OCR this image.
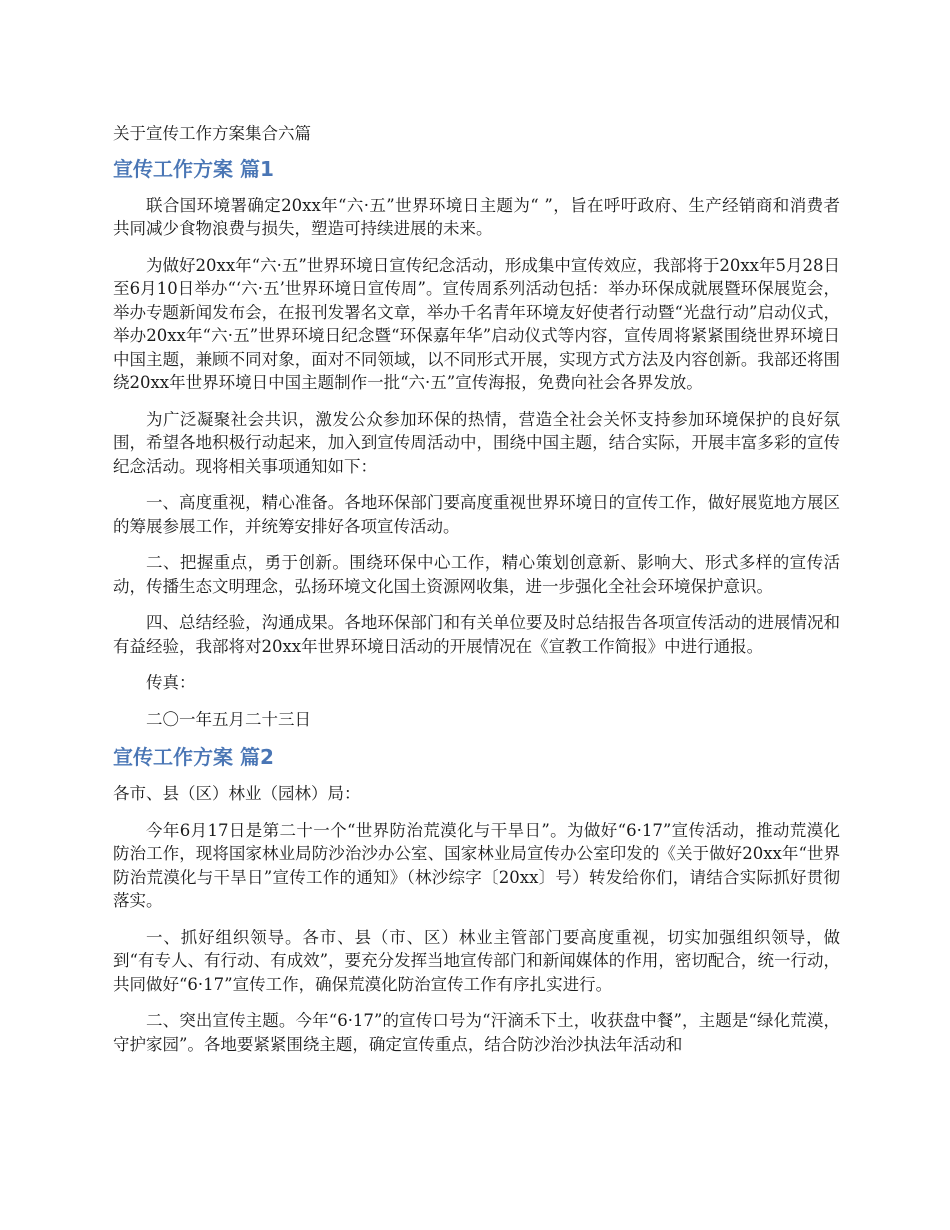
关于宣传工作方案集合六篇

宣传工作方案 篇1

联合国环境署确定20xx年“六·五”世界环境日主题为“ ”，旨在呼吁政府、生产经销商和消费者共同减少食物浪费与损失，塑造可持续进展的未来。

为做好20xx年“六·五”世界环境日宣传纪念活动，形成集中宣传效应，我部将于20xx年5月28日至6月10日举办“‘六·五’世界环境日宣传周”。宣传周系列活动包括：举办环保成就展暨环保展览会，举办专题新闻发布会，在报刊发署名文章，举办千名青年环境友好使者行动暨“光盘行动”启动仪式，举办20xx年“六·五”世界环境日纪念暨“环保嘉年华”启动仪式等内容，宣传周将紧紧围绕世界环境日中国主题，兼顾不同对象，面对不同领域，以不同形式开展，实现方式方法及内容创新。我部还将围绕20xx年世界环境日中国主题制作一批“六·五”宣传海报，免费向社会各界发放。

为广泛凝聚社会共识，激发公众参加环保的热情，营造全社会关怀支持参加环境保护的良好氛围，希望各地积极行动起来，加入到宣传周活动中，围绕中国主题，结合实际，开展丰富多彩的宣传纪念活动。现将相关事项通知如下：

一、高度重视，精心准备。各地环保部门要高度重视世界环境日的宣传工作，做好展览地方展区的筹展参展工作，并统筹安排好各项宣传活动。

二、把握重点，勇于创新。围绕环保中心工作，精心策划创意新、影响大、形式多样的宣传活动，传播生态文明理念，弘扬环境文化国土资源网收集，进一步强化全社会环境保护意识。

四、总结经验，沟通成果。各地环保部门和有关单位要及时总结报告各项宣传活动的进展情况和有益经验，我部将对20xx年世界环境日活动的开展情况在《宣教工作简报》中进行通报。

传真：

二〇一年五月二十三日

宣传工作方案 篇2

各市、县（区）林业（园林）局：

今年6月17日是第二十一个“世界防治荒漠化与干旱日”。为做好“6·17”宣传活动，推动荒漠化防治工作，现将国家林业局防沙治沙办公室、国家林业局宣传办公室印发的《关于做好20xx年“世界防治荒漠化与干旱日”宣传工作的通知》（林沙综字〔20xx〕号）转发给你们，请结合实际抓好贯彻落实。

一、抓好组织领导。各市、县（市、区）林业主管部门要高度重视，切实加强组织领导，做到“有专人、有行动、有成效”，要充分发挥当地宣传部门和新闻媒体的作用，密切配合，统一行动，共同做好“6·17”宣传工作，确保荒漠化防治宣传工作有序扎实进行。

二、突出宣传主题。今年“6·17”的宣传口号为“汗滴禾下土，收获盘中餐”，主题是“绿化荒漠，守护家园”。各地要紧紧围绕主题，确定宣传重点，结合防沙治沙执法年活动和
